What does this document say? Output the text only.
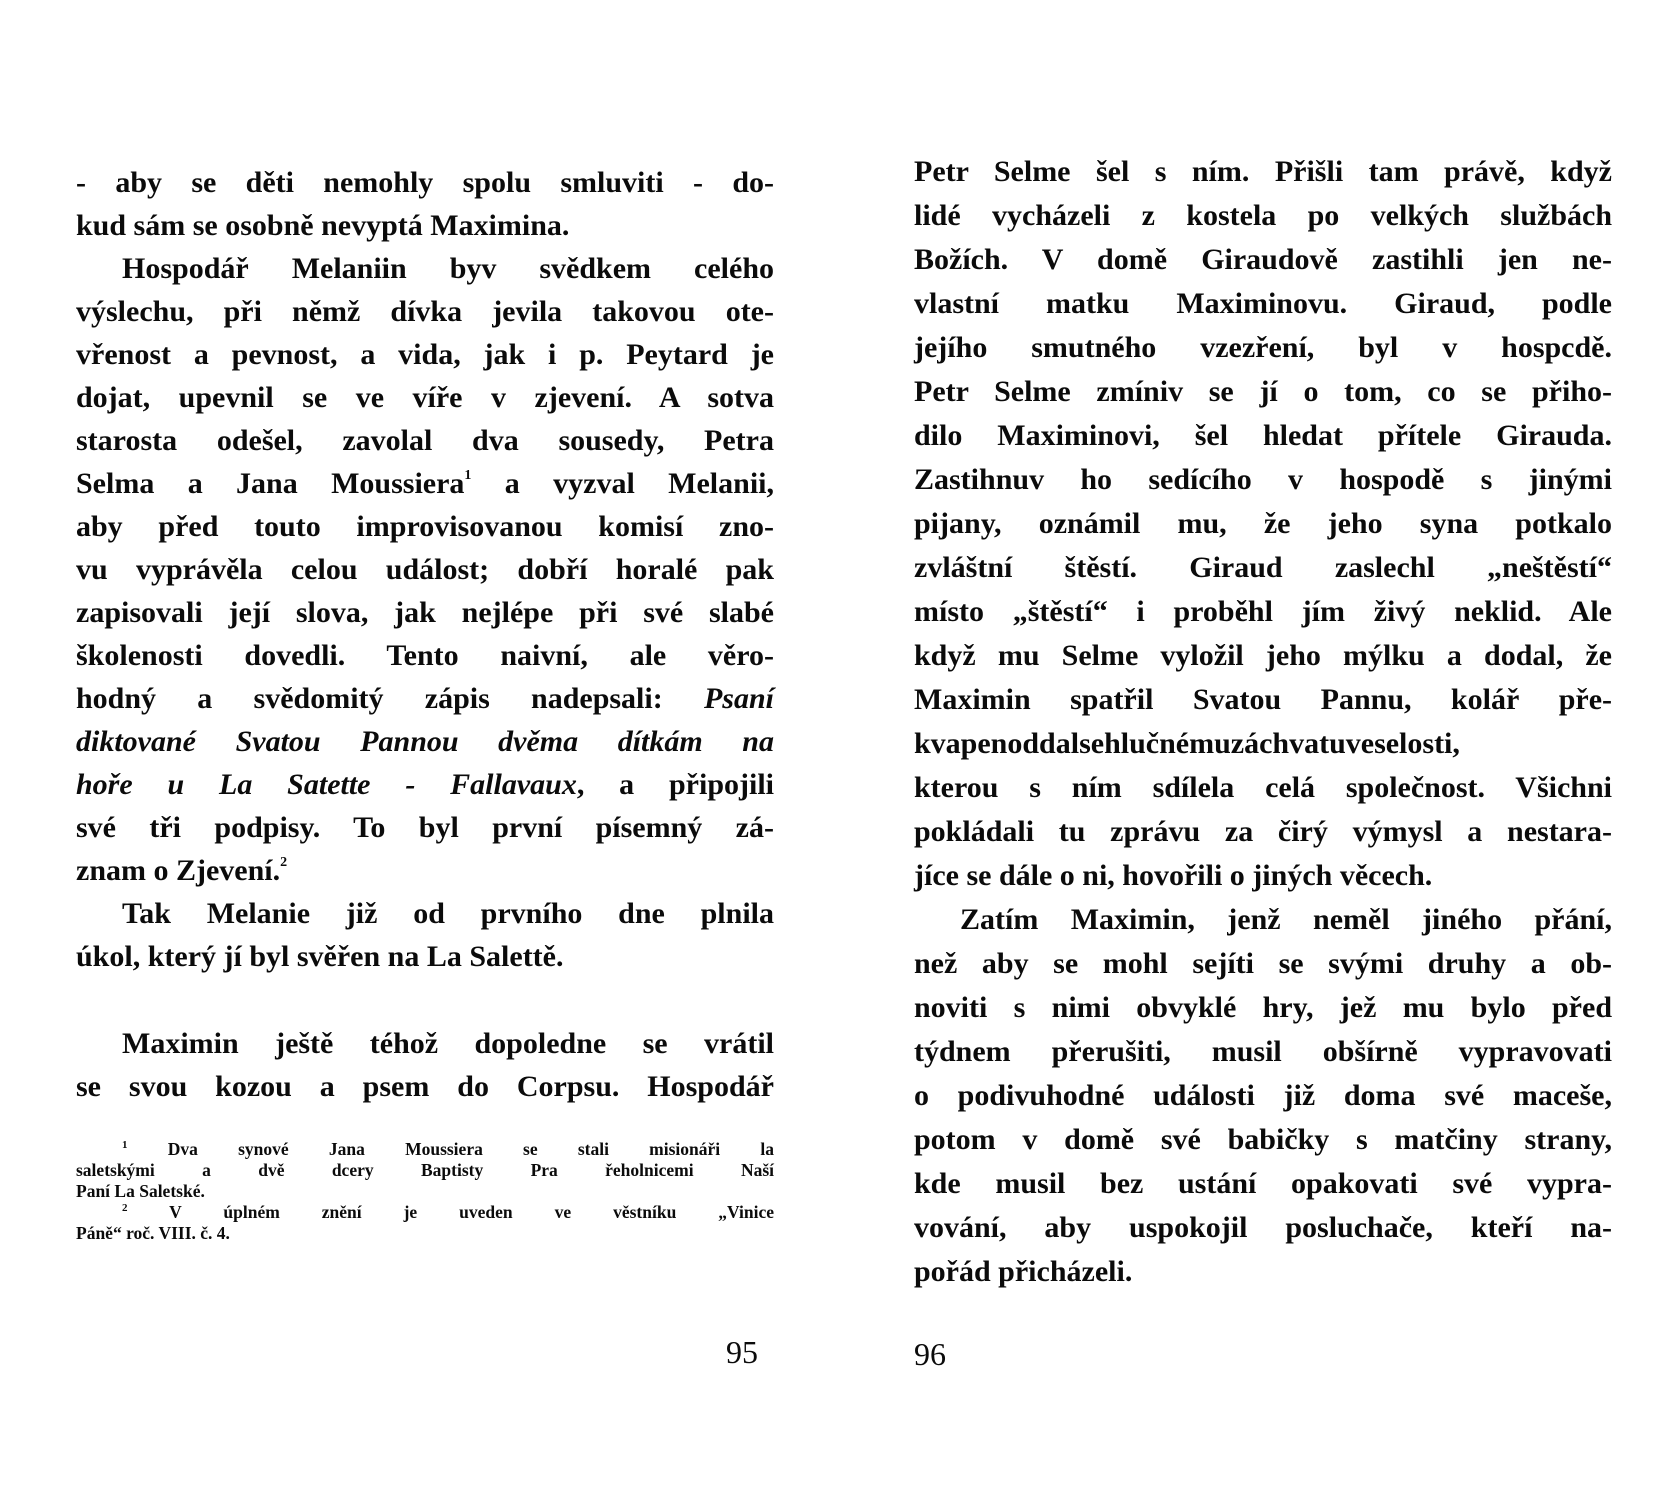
- aby se děti nemohly spolu smluviti - do-
kud sám se osobně nevyptá Maximina.
Hospodář Melaniin byv svědkem celého
výslechu, při němž dívka jevila takovou ote-
vřenost a pevnost, a vida, jak i p. Peytard je
dojat, upevnil se ve víře v zjevení. A sotva
starosta odešel, zavolal dva sousedy, Petra
Selma a Jana Moussiera$^1$ a vyzval Melanii,
aby před touto improvisovanou komisí zno-
vu vyprávěla celou událost; dobří horalé pak
zapisovali její slova, jak nejlépe při své slabé
školenosti dovedli. Tento naivní, ale věro-
hodný a svědomitý zápis nadepsali: Psaní
diktované Svatou Pannou dvěma dítkám na
hoře u La Satette - Fallavaux, a připojili
své tři podpisy. To byl první písemný zá-
znam o Zjevení.$^2$
Tak Melanie již od prvního dne plnila
úkol, který jí byl svěřen na La Salettě.
Maximin ještě téhož dopoledne se vrátil
se svou kozou a psem do Corpsu. Hospodář
$^1$ Dva synové Jana Moussiera se stali misionáři la
saletskými a dvě dcery Baptisty Pra řeholnicemi Naší
Paní La Saletské.
$^2$ V úplném znění je uveden ve věstníku „Vinice
Páně“ roč. VIII. č. 4.
95
Petr Selme šel s ním. Přišli tam právě, když
lidé vycházeli z kostela po velkých službách
Božích. V domě Giraudově zastihli jen ne-
vlastní matku Maximinovu. Giraud, podle
jejího smutného vzezření, byl v hospcdě.
Petr Selme zmíniv se jí o tom, co se přiho-
dilo Maximinovi, šel hledat přítele Girauda.
Zastihnuv ho sedícího v hospodě s jinými
pijany, oznámil mu, že jeho syna potkalo
zvláštní štěstí. Giraud zaslechl „neštěstí“
místo „štěstí“ i proběhl jím živý neklid. Ale
když mu Selme vyložil jeho mýlku a dodal, že
Maximin spatřil Svatou Pannu, kolář pře-
kvapenoddalsehlučnémuzáchvatuveselosti,
kterou s ním sdílela celá společnost. Všichni
pokládali tu zprávu za čirý výmysl a nestara-
jíce se dále o ni, hovořili o jiných věcech.
Zatím Maximin, jenž neměl jiného přání,
než aby se mohl sejíti se svými druhy a ob-
noviti s nimi obvyklé hry, jež mu bylo před
týdnem přerušiti, musil obšírně vypravovati
o podivuhodné události již doma své maceše,
potom v domě své babičky s matčiny strany,
kde musil bez ustání opakovati své vypra-
vování, aby uspokojil posluchače, kteří na-
pořád přicházeli.
96
